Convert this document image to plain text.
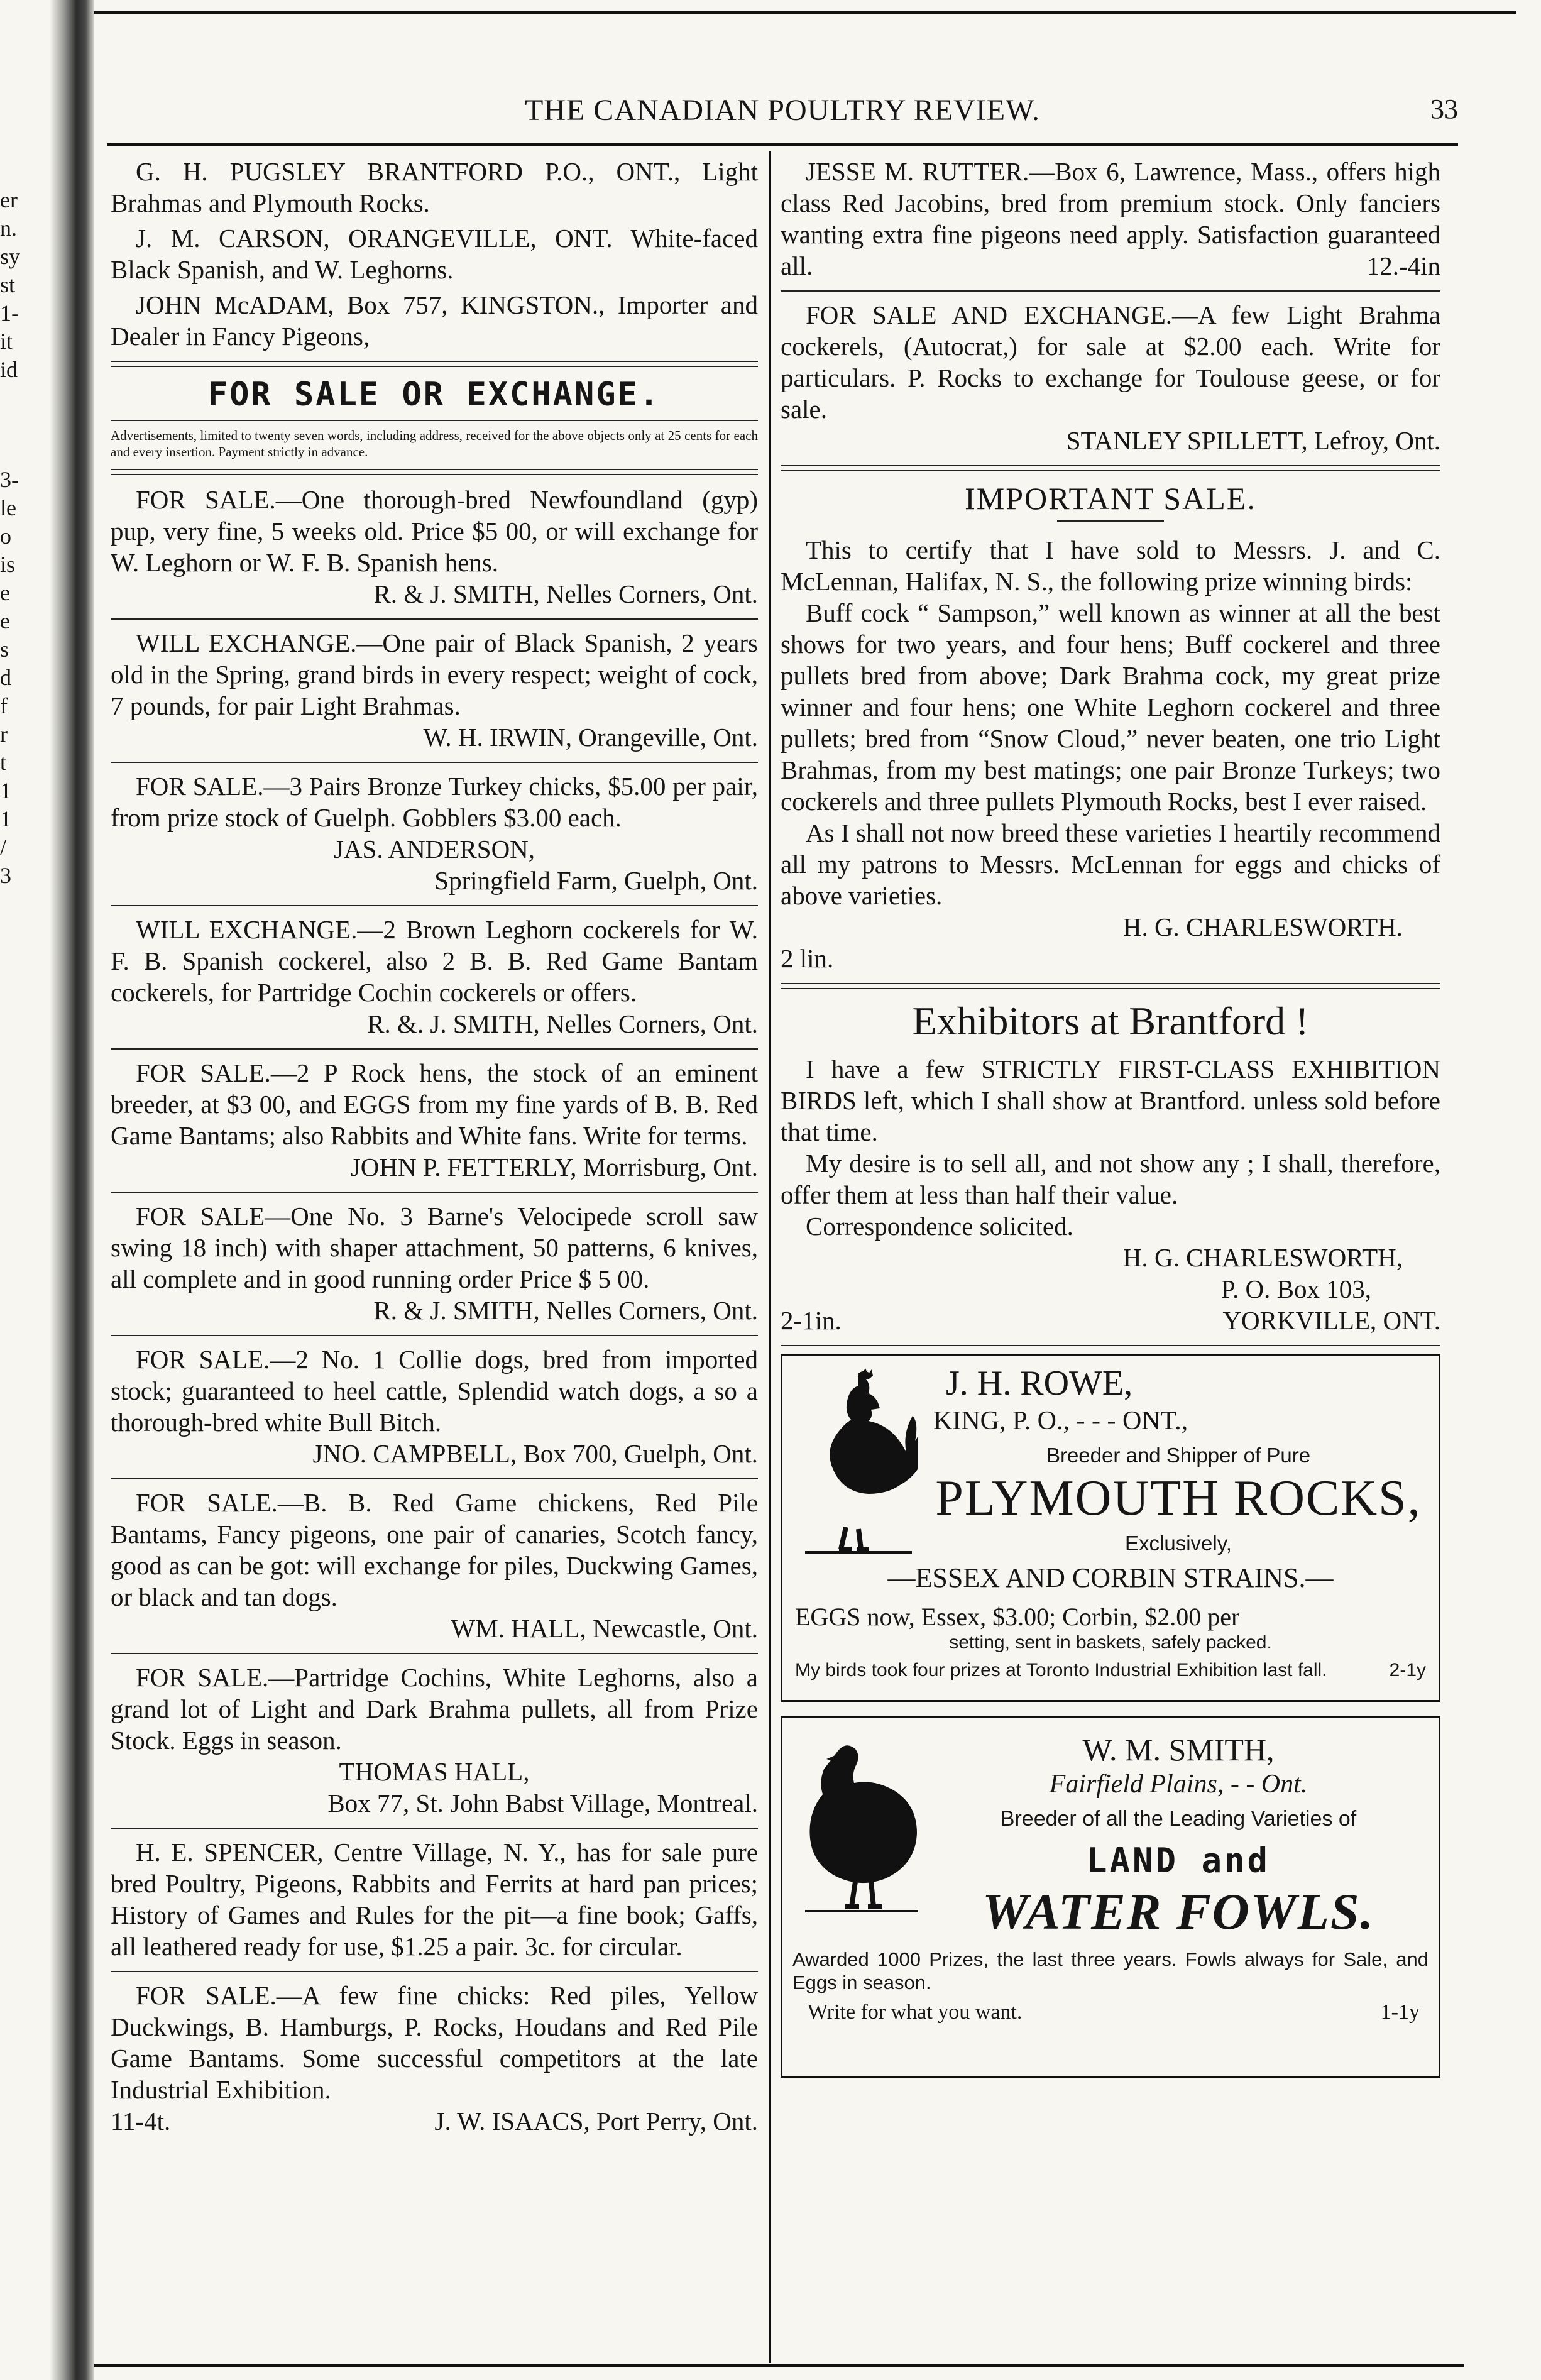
er
n.
sy
st
1-
it
id
3-
le
o
is
e
e
s
d
f
r
t
1
1
/
3
THE CANADIAN POULTRY REVIEW.	33

G. H. PUGSLEY BRANTFORD P.O., ONT., Light Brahmas and Plymouth Rocks.

J. M. CARSON, ORANGEVILLE, ONT. White-faced Black Spanish, and W. Leghorns.

JOHN McADAM, Box 757, KINGSTON., Importer and Dealer in Fancy Pigeons,

FOR SALE OR EXCHANGE.
Advertisements, limited to twenty seven words, including address, received for the above objects only at 25 cents for each and every insertion. Payment strictly in advance.

FOR SALE.—One thorough-bred Newfoundland (gyp) pup, very fine, 5 weeks old. Price $5 00, or will exchange for W. Leghorn or W. F. B. Spanish hens.

R. & J. SMITH, Nelles Corners, Ont.

WILL EXCHANGE.—One pair of Black Spanish, 2 years old in the Spring, grand birds in every respect; weight of cock, 7 pounds, for pair Light Brahmas.

W. H. IRWIN, Orangeville, Ont.

FOR SALE.—3 Pairs Bronze Turkey chicks, $5.00 per pair, from prize stock of Guelph. Gobblers $3.00 each.

JAS. ANDERSON,

Springfield Farm, Guelph, Ont.

WILL EXCHANGE.—2 Brown Leghorn cockerels for W. F. B. Spanish cockerel, also 2 B. B. Red Game Bantam cockerels, for Partridge Cochin cockerels or offers.

R. &. J. SMITH, Nelles Corners, Ont.

FOR SALE.—2 P Rock hens, the stock of an eminent breeder, at $3 00, and EGGS from my fine yards of B. B. Red Game Bantams; also Rabbits and White fans. Write for terms.

JOHN P. FETTERLY, Morrisburg, Ont.

FOR SALE—One No. 3 Barne's Velocipede scroll saw swing 18 inch) with shaper attachment, 50 patterns, 6 knives, all complete and in good running order Price $ 5 00.

R. & J. SMITH, Nelles Corners, Ont.

FOR SALE.—2 No. 1 Collie dogs, bred from imported stock; guaranteed to heel cattle, Splendid watch dogs, a so a thorough-bred white Bull Bitch.

JNO. CAMPBELL, Box 700, Guelph, Ont.

FOR SALE.—B. B. Red Game chickens, Red Pile Bantams, Fancy pigeons, one pair of canaries, Scotch fancy, good as can be got: will exchange for piles, Duckwing Games, or black and tan dogs.

WM. HALL, Newcastle, Ont.

FOR SALE.—Partridge Cochins, White Leghorns, also a grand lot of Light and Dark Brahma pullets, all from Prize Stock. Eggs in season.

THOMAS HALL,

Box 77, St. John Babst Village, Montreal.

H. E. SPENCER, Centre Village, N. Y., has for sale pure bred Poultry, Pigeons, Rabbits and Ferrits at hard pan prices; History of Games and Rules for the pit—a fine book; Gaffs, all leathered ready for use, $1.25 a pair. 3c. for circular.

FOR SALE.—A few fine chicks: Red piles, Yellow Duckwings, B. Hamburgs, P. Rocks, Houdans and Red Pile Game Bantams. Some successful competitors at the late Industrial Exhibition.

11-4t.	J. W. ISAACS, Port Perry, Ont.

JESSE M. RUTTER.—Box 6, Lawrence, Mass., offers high class Red Jacobins, bred from premium stock. Only fanciers wanting extra fine pigeons need apply. Satisfaction guaranteed all.	12.-4in

FOR SALE AND EXCHANGE.—A few Light Brahma cockerels, (Autocrat,) for sale at $2.00 each. Write for particulars. P. Rocks to exchange for Toulouse geese, or for sale.

STANLEY SPILLETT, Lefroy, Ont.

IMPORTANT SALE.

This to certify that I have sold to Messrs. J. and C. McLennan, Halifax, N. S., the following prize winning birds:

Buff cock “ Sampson,” well known as winner at all the best shows for two years, and four hens; Buff cockerel and three pullets bred from above; Dark Brahma cock, my great prize winner and four hens; one White Leghorn cockerel and three pullets; bred from “Snow Cloud,” never beaten, one trio Light Brahmas, from my best matings; one pair Bronze Turkeys; two cockerels and three pullets Plymouth Rocks, best I ever raised.

As I shall not now breed these varieties I heartily recommend all my patrons to Messrs. McLennan for eggs and chicks of above varieties.

H. G. CHARLESWORTH.

2 lin.

Exhibitors at Brantford !

I have a few STRICTLY FIRST-CLASS EXHIBITION BIRDS left, which I shall show at Brantford. unless sold before that time.

My desire is to sell all, and not show any ; I shall, therefore, offer them at less than half their value.

Correspondence solicited.

H. G. CHARLESWORTH,

P. O. Box 103,

2-1in.	YORKVILLE, ONT.

J. H. ROWE,
KING, P. O., - - - ONT.,
Breeder and Shipper of Pure
PLYMOUTH ROCKS,
Exclusively,
—ESSEX AND CORBIN STRAINS.—
EGGS now, Essex, $3.00; Corbin, $2.00 per
setting, sent in baskets, safely packed.
My birds took four prizes at Toronto Industrial Exhibition last fall.	2-1y
W. M. SMITH,
Fairfield Plains, - - Ont.
Breeder of all the Leading Varieties of
LAND and
WATER FOWLS.
Awarded 1000 Prizes, the last three years. Fowls always for Sale, and Eggs in season.
Write for what you want.	1-1y
